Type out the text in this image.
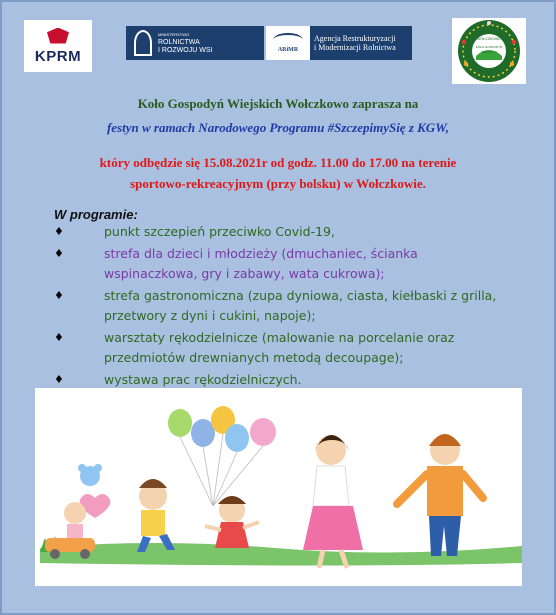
KPRM
MINISTERSTWO
ROLNICTWA
I ROZWOJU WSI	ARiMR
Agencja Restrukturyzacji
i Modernizacji Rolnictwa
WOŁCZKOWO
KOŁO GOSPODYŃ
WIEJSKICH
Koło Gospodyń Wiejskich Wołczkowo zaprasza na
festyn w ramach Narodowego Programu #SzczepimySię z KGW,
który odbędzie się 15.08.2021r od godz. 11.00 do 17.00 na terenie
sportowo-rekreacyjnym (przy bolsku) w Wołczkowie.
W programie:
♦	punkt szczepień przeciwko Covid-19,
♦	strefa dla dzieci i młodzieży (dmuchaniec, ścianka wspinaczkowa, gry i zabawy, wata cukrowa);
♦	strefa gastronomiczna (zupa dyniowa, ciasta, kiełbaski z grilla, przetwory z dyni i cukini, napoje);
♦	warsztaty rękodzielnicze (malowanie na porcelanie oraz przedmiotów drewnianych metodą decoupage);
♦	wystawa prac rękodzielniczych.
